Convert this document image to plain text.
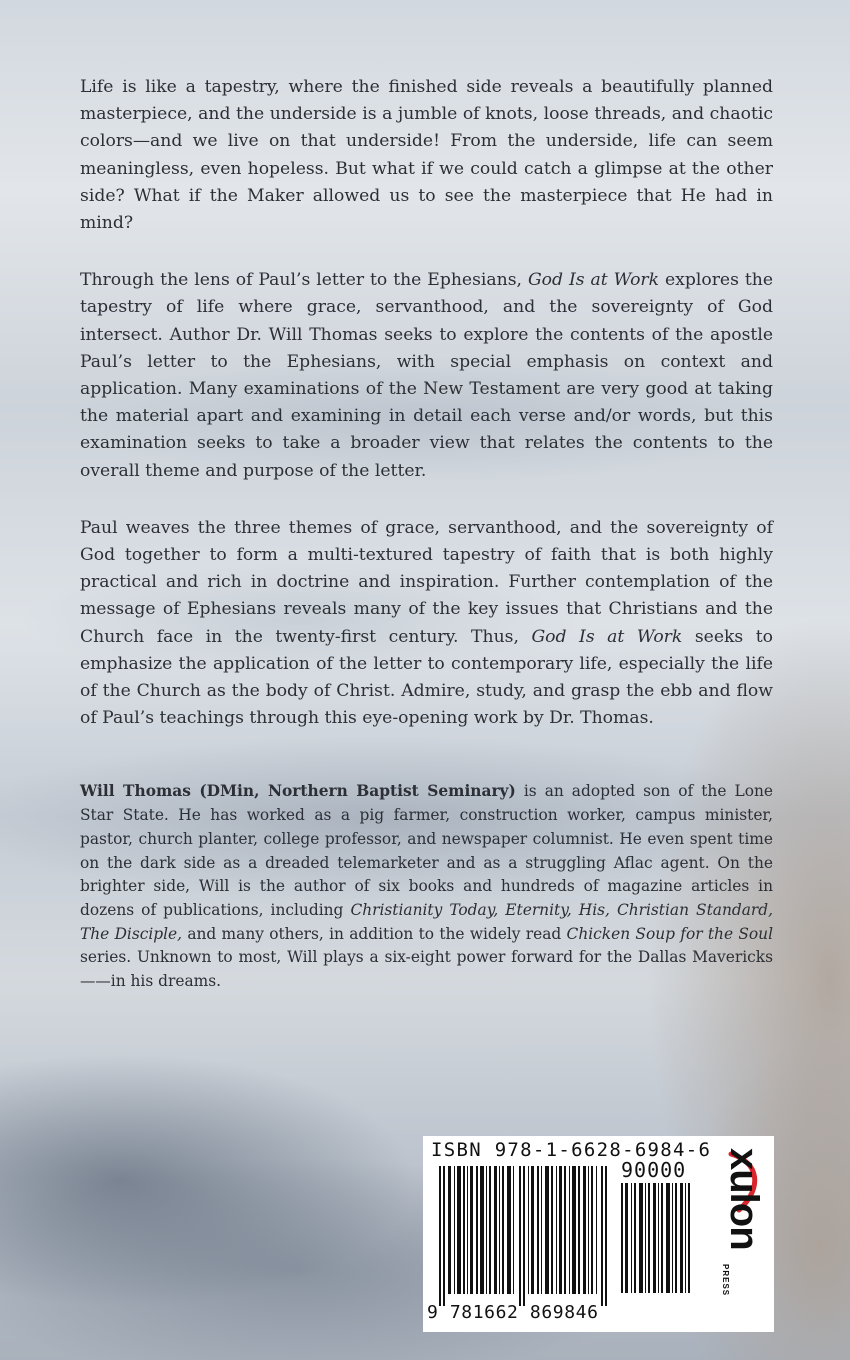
Life is like a tapestry, where the finished side reveals a beautifully planned masterpiece, and the underside is a jumble of knots, loose threads, and chaotic colors—and we live on that underside! From the underside, life can seem meaningless, even hopeless. But what if we could catch a glimpse at the other side? What if the Maker allowed us to see the masterpiece that He had in mind?

Through the lens of Paul’s letter to the Ephesians, God Is at Work explores the tapestry of life where grace, servanthood, and the sovereignty of God intersect. Author Dr. Will Thomas seeks to explore the contents of the apostle Paul’s letter to the Ephesians, with special emphasis on context and application. Many examinations of the New Testament are very good at taking the material apart and examining in detail each verse and/or words, but this examination seeks to take a broader view that relates the contents to the overall theme and purpose of the letter.

Paul weaves the three themes of grace, servanthood, and the sovereignty of God together to form a multi-textured tapestry of faith that is both highly practical and rich in doctrine and inspiration. Further contemplation of the message of Ephesians reveals many of the key issues that Christians and the Church face in the twenty-first century. Thus, God Is at Work seeks to emphasize the application of the letter to contemporary life, especially the life of the Church as the body of Christ. Admire, study, and grasp the ebb and flow of Paul’s teachings through this eye-opening work by Dr. Thomas.

Will Thomas (DMin, Northern Baptist Seminary) is an adopted son of the Lone Star State. He has worked as a pig farmer, construction worker, campus minister, pastor, church planter, college professor, and newspaper columnist. He even spent time on the dark side as a dreaded telemarketer and as a struggling Aflac agent. On the brighter side, Will is the author of six books and hundreds of magazine articles in dozens of publications, including Christianity Today, Eternity, His, Christian Standard, The Disciple, and many others, in addition to the widely read Chicken Soup for the Soul series. Unknown to most, Will plays a six-eight power forward for the Dallas Mavericks——in his dreams.

ISBN 978-1-6628-6984-6
90000
9 781662 869846
xulon
PRESS
